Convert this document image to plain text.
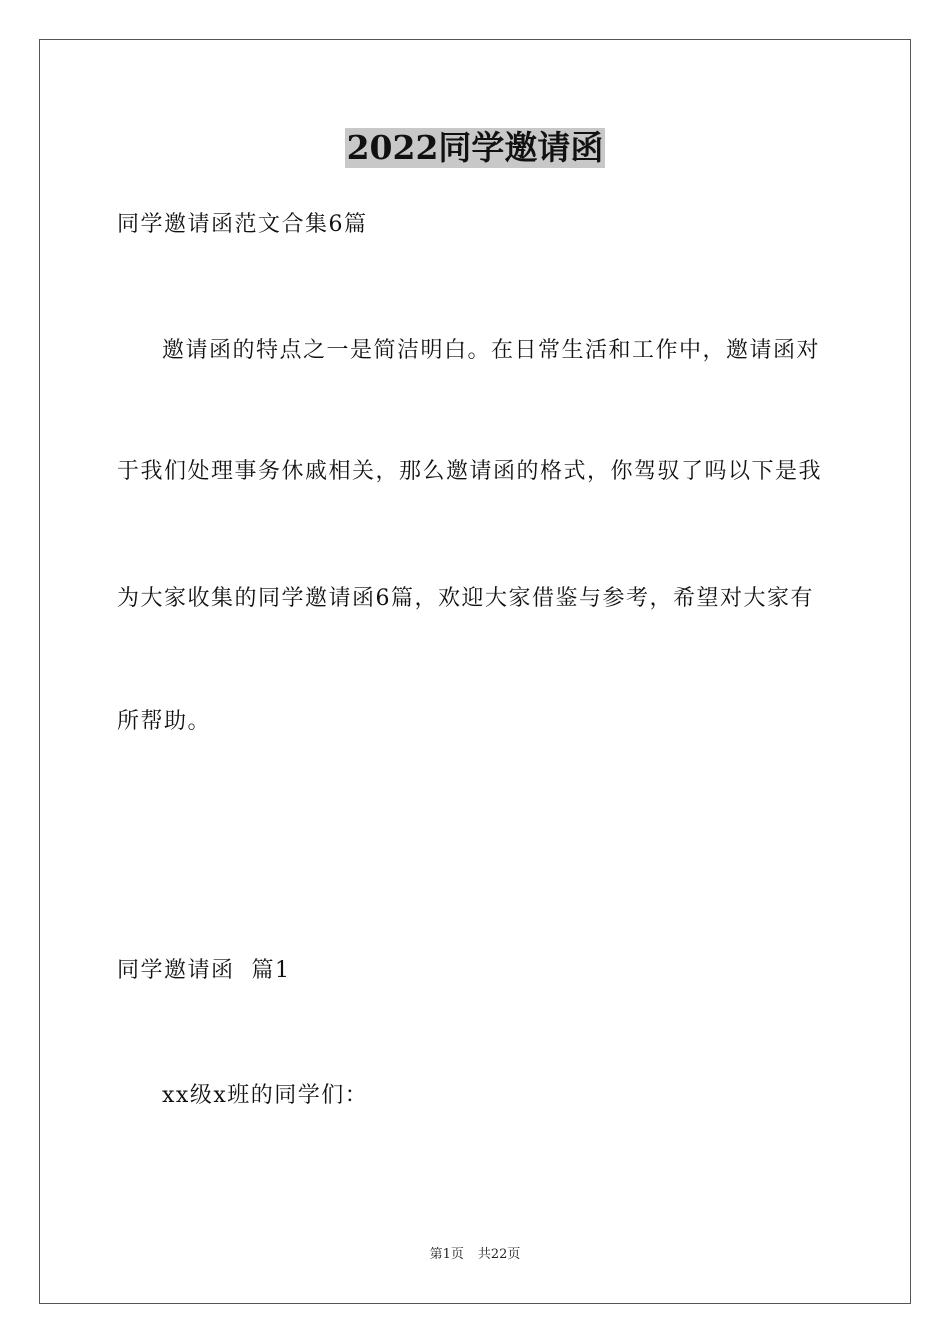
2022同学邀请函
同学邀请函范文合集6篇
邀请函的特点之一是简洁明白。在日常生活和工作中，邀请函对
于我们处理事务休戚相关，那么邀请函的格式，你驾驭了吗以下是我
为大家收集的同学邀请函6篇，欢迎大家借鉴与参考，希望对大家有
所帮助。
同学邀请函  篇1
xx级x班的同学们：
第1页 共22页
